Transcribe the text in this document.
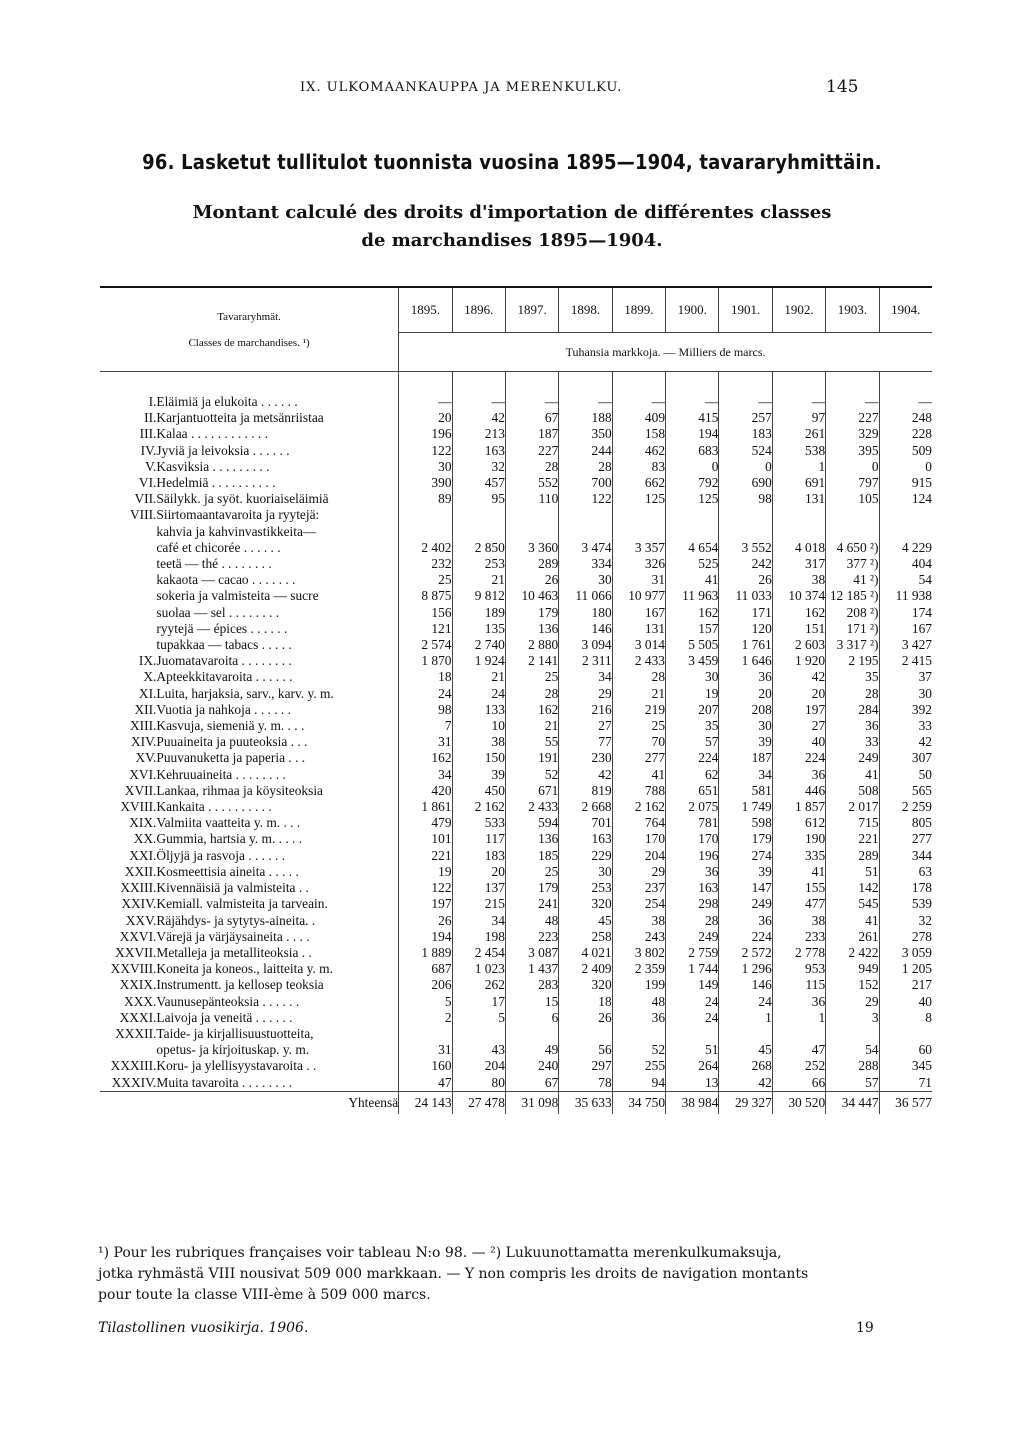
IX. ULKOMAANKAUPPA JA MERENKULKU.	145
96. Lasketut tullitulot tuonnista vuosina 1895—1904, tavararyhmittäin.
Montant calculé des droits d'importation de différentes classes
de marchandises 1895—1904.
Tavararyhmät.
Classes de marchandises. ¹)		1895.	1896.	1897.	1898.	1899.	1900.	1901.	1902.	1903.	1904.
		Tuhansia markkoja. — Milliers de marcs.									

I.	Eläimiä ja elukoita . . . . . .	—	—	—	—	—	—	—	—	—	—
II.	Karjantuotteita ja metsänriistaa	20	42	67	188	409	415	257	97	227	248
III.	Kalaa . . . . . . . . . . . .	196	213	187	350	158	194	183	261	329	228
IV.	Jyviä ja leivoksia . . . . . .	122	163	227	244	462	683	524	538	395	509
V.	Kasviksia . . . . . . . . .	30	32	28	28	83	0	0	1	0	0
VI.	Hedelmiä . . . . . . . . . .	390	457	552	700	662	792	690	691	797	915
VII.	Säilykk. ja syöt. kuoriaiseläimiä	89	95	110	122	125	125	98	131	105	124
VIII.	Siirtomaantavaroita ja ryytejä:										
	kahvia ja kahvinvastikkeita—										
	café et chicorée . . . . . .	2 402	2 850	3 360	3 474	3 357	4 654	3 552	4 018	4 650 ²)	4 229
	teetä — thé . . . . . . . .	232	253	289	334	326	525	242	317	377 ²)	404
	kakaota — cacao . . . . . . .	25	21	26	30	31	41	26	38	41 ²)	54
	sokeria ja valmisteita — sucre	8 875	9 812	10 463	11 066	10 977	11 963	11 033	10 374	12 185 ²)	11 938
	suolaa — sel . . . . . . . .	156	189	179	180	167	162	171	162	208 ²)	174
	ryytejä — épices . . . . . .	121	135	136	146	131	157	120	151	171 ²)	167
	tupakkaa — tabacs . . . . .	2 574	2 740	2 880	3 094	3 014	5 505	1 761	2 603	3 317 ²)	3 427
IX.	Juomatavaroita . . . . . . . .	1 870	1 924	2 141	2 311	2 433	3 459	1 646	1 920	2 195	2 415
X.	Apteekkitavaroita . . . . . .	18	21	25	34	28	30	36	42	35	37
XI.	Luita, harjaksia, sarv., karv. y. m.	24	24	28	29	21	19	20	20	28	30
XII.	Vuotia ja nahkoja . . . . . .	98	133	162	216	219	207	208	197	284	392
XIII.	Kasvuja, siemeniä y. m. . . .	7	10	21	27	25	35	30	27	36	33
XIV.	Puuaineita ja puuteoksia . . .	31	38	55	77	70	57	39	40	33	42
XV.	Puuvanuketta ja paperia . . .	162	150	191	230	277	224	187	224	249	307
XVI.	Kehruuaineita . . . . . . . .	34	39	52	42	41	62	34	36	41	50
XVII.	Lankaa, rihmaa ja köysiteoksia	420	450	671	819	788	651	581	446	508	565
XVIII.	Kankaita . . . . . . . . . .	1 861	2 162	2 433	2 668	2 162	2 075	1 749	1 857	2 017	2 259
XIX.	Valmiita vaatteita y. m. . . .	479	533	594	701	764	781	598	612	715	805
XX.	Gummia, hartsia y. m. . . . .	101	117	136	163	170	170	179	190	221	277
XXI.	Öljyjä ja rasvoja . . . . . .	221	183	185	229	204	196	274	335	289	344
XXII.	Kosmeettisia aineita . . . . .	19	20	25	30	29	36	39	41	51	63
XXIII.	Kivennäisiä ja valmisteita . .	122	137	179	253	237	163	147	155	142	178
XXIV.	Kemiall. valmisteita ja tarveain.	197	215	241	320	254	298	249	477	545	539
XXV.	Räjähdys- ja sytytys-aineita. .	26	34	48	45	38	28	36	38	41	32
XXVI.	Värejä ja värjäysaineita . . . .	194	198	223	258	243	249	224	233	261	278
XXVII.	Metalleja ja metalliteoksia . .	1 889	2 454	3 087	4 021	3 802	2 759	2 572	2 778	2 422	3 059
XXVIII.	Koneita ja koneos., laitteita y. m.	687	1 023	1 437	2 409	2 359	1 744	1 296	953	949	1 205
XXIX.	Instrumentt. ja kellosep teoksia	206	262	283	320	199	149	146	115	152	217
XXX.	Vaunusepänteoksia . . . . . .	5	17	15	18	48	24	24	36	29	40
XXXI.	Laivoja ja veneitä . . . . . .	2	5	6	26	36	24	1	1	3	8
XXXII.	Taide- ja kirjallisuustuotteita,										
	opetus- ja kirjoituskap. y. m.	31	43	49	56	52	51	45	47	54	60
XXXIII.	Koru- ja ylellisyystavaroita . .	160	204	240	297	255	264	268	252	288	345
XXXIV.	Muita tavaroita . . . . . . . .	47	80	67	78	94	13	42	66	57	71
Yhteensä		24 143	27 478	31 098	35 633	34 750	38 984	29 327	30 520	34 447	36 577
¹) Pour les rubriques françaises voir tableau N:o 98. — ²) Lukuunottamatta merenkulkumaksuja,
jotka ryhmästä VIII nousivat 509 000 markkaan. — Y non compris les droits de navigation montants
pour toute la classe VIII-ème à 509 000 marcs.
Tilastollinen vuosikirja. 1906.	19
